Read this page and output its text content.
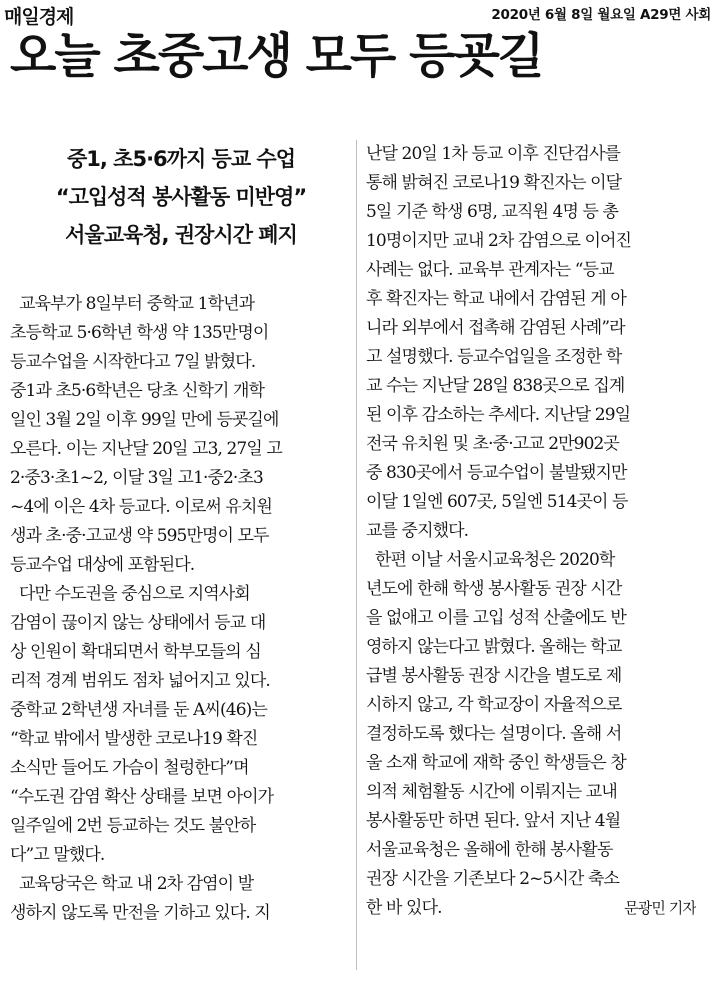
매일경제	2020년 6월 8일 월요일 A29면 사회
오늘 초중고생 모두 등굣길
중1, 초5·6까지 등교 수업
“고입성적 봉사활동 미반영”
서울교육청, 권장시간 폐지
교육부가 8일부터 중학교 1학년과
초등학교 5·6학년 학생 약 135만명이
등교수업을 시작한다고 7일 밝혔다.
중1과 초5·6학년은 당초 신학기 개학
일인 3월 2일 이후 99일 만에 등굣길에
오른다. 이는 지난달 20일 고3, 27일 고
2·중3·초1~2, 이달 3일 고1·중2·초3
~4에 이은 4차 등교다. 이로써 유치원
생과 초·중·고교생 약 595만명이 모두
등교수업 대상에 포함된다.
다만 수도권을 중심으로 지역사회
감염이 끊이지 않는 상태에서 등교 대
상 인원이 확대되면서 학부모들의 심
리적 경계 범위도 점차 넓어지고 있다.
중학교 2학년생 자녀를 둔 A씨(46)는
“학교 밖에서 발생한 코로나19 확진
소식만 들어도 가슴이 철렁한다”며
“수도권 감염 확산 상태를 보면 아이가
일주일에 2번 등교하는 것도 불안하
다”고 말했다.
교육당국은 학교 내 2차 감염이 발
생하지 않도록 만전을 기하고 있다. 지
난달 20일 1차 등교 이후 진단검사를
통해 밝혀진 코로나19 확진자는 이달
5일 기준 학생 6명, 교직원 4명 등 총
10명이지만 교내 2차 감염으로 이어진
사례는 없다. 교육부 관계자는 “등교
후 확진자는 학교 내에서 감염된 게 아
니라 외부에서 접촉해 감염된 사례”라
고 설명했다. 등교수업일을 조정한 학
교 수는 지난달 28일 838곳으로 집계
된 이후 감소하는 추세다. 지난달 29일
전국 유치원 및 초·중·고교 2만902곳
중 830곳에서 등교수업이 불발됐지만
이달 1일엔 607곳, 5일엔 514곳이 등
교를 중지했다.
한편 이날 서울시교육청은 2020학
년도에 한해 학생 봉사활동 권장 시간
을 없애고 이를 고입 성적 산출에도 반
영하지 않는다고 밝혔다. 올해는 학교
급별 봉사활동 권장 시간을 별도로 제
시하지 않고, 각 학교장이 자율적으로
결정하도록 했다는 설명이다. 올해 서
울 소재 학교에 재학 중인 학생들은 창
의적 체험활동 시간에 이뤄지는 교내
봉사활동만 하면 된다. 앞서 지난 4월
서울교육청은 올해에 한해 봉사활동
권장 시간을 기존보다 2~5시간 축소
한 바 있다.	문광민 기자
